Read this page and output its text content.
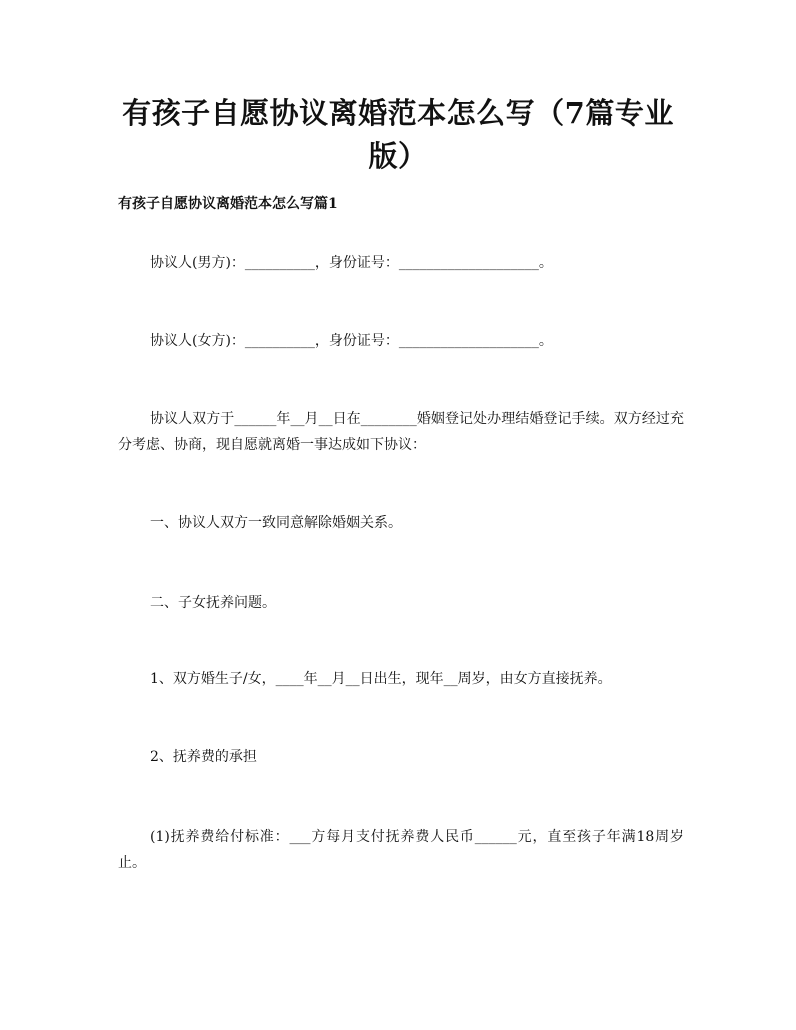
有孩子自愿协议离婚范本怎么写（7篇专业版）
有孩子自愿协议离婚范本怎么写篇1
协议人(男方)：__________，身份证号：____________________。
协议人(女方)：__________，身份证号：____________________。
协议人双方于______年__月__日在________婚姻登记处办理结婚登记手续。双方经过充分考虑、协商，现自愿就离婚一事达成如下协议：
一、协议人双方一致同意解除婚姻关系。
二、子女抚养问题。
1、双方婚生子/女，____年__月__日出生，现年__周岁，由女方直接抚养。
2、抚养费的承担
(1)抚养费给付标准：___方每月支付抚养费人民币______元，直至孩子年满18周岁止。
